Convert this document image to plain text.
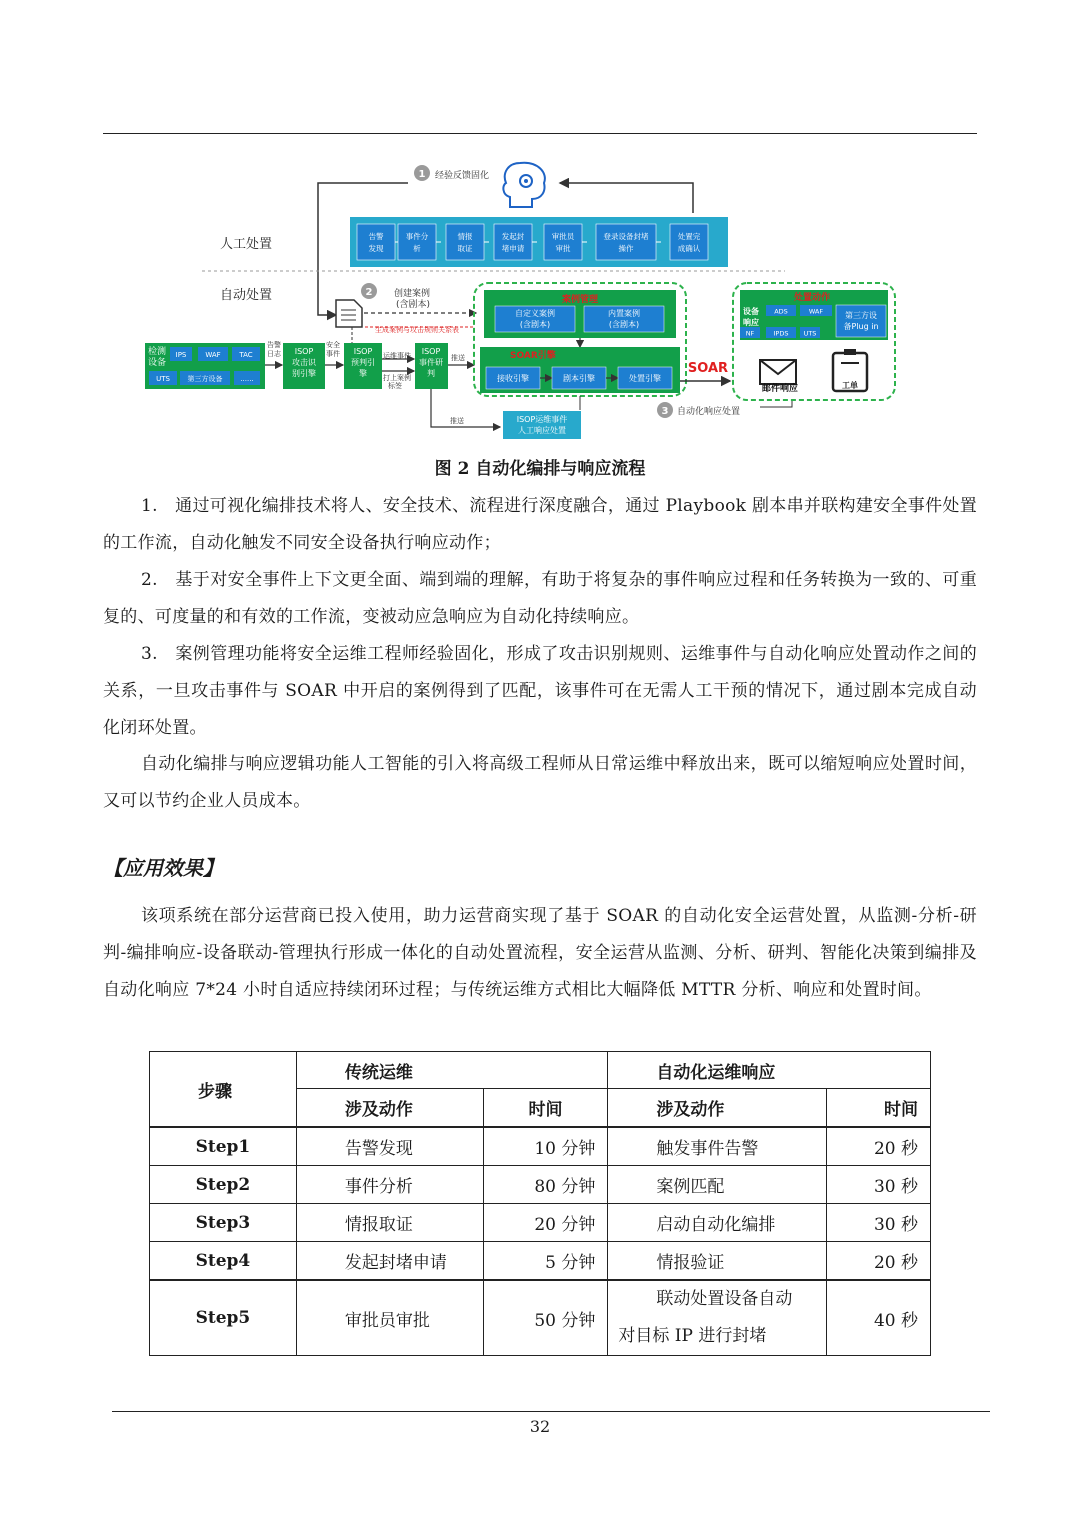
1 经验反馈固化
人工处置
自动处置
告警
发现
事件分
析
情报
取证
发起封
堵申请
审批员
审批
登录设备封堵
操作
处置完
成确认
2 创建案例
(含剧本)
生成案例与攻击规则关系表
检测
设备
IPS	WAF	TAC
UTS	第三方设备	......
告警
日志 ISOP
攻击识
别引擎
安全
事件 ISOP
预判引
擎
运维事件
打上案例
标签
ISOP
事件研
判
推送
推送	ISOP运维事件
人工响应处置
案例管理
自定义案例
(含剧本)
内置案例
(含剧本)
SOAR引擎
接收引擎	剧本引擎	处置引擎
SOAR
3 自动化响应处置
处置动作
设备
响应
ADS	WAF
NF	IPDS UTS
第三方设
备Plug in
邮件响应	工单
图 2 自动化编排与响应流程

1.　通过可视化编排技术将人、安全技术、流程进行深度融合，通过 Playbook 剧本串并联构建安全事件处置的工作流，自动化触发不同安全设备执行响应动作；

2.　基于对安全事件上下文更全面、端到端的理解，有助于将复杂的事件响应过程和任务转换为一致的、可重复的、可度量的和有效的工作流，变被动应急响应为自动化持续响应。

3.　案例管理功能将安全运维工程师经验固化，形成了攻击识别规则、运维事件与自动化响应处置动作之间的关系，一旦攻击事件与 SOAR 中开启的案例得到了匹配，该事件可在无需人工干预的情况下，通过剧本完成自动化闭环处置。

自动化编排与响应逻辑功能人工智能的引入将高级工程师从日常运维中释放出来，既可以缩短响应处置时间，又可以节约企业人员成本。

【应用效果】

该项系统在部分运营商已投入使用，助力运营商实现了基于 SOAR 的自动化安全运营处置，从监测-分析-研判-编排响应-设备联动-管理执行形成一体化的自动处置流程，安全运营从监测、分析、研判、智能化决策到编排及自动化响应 7*24 小时自适应持续闭环过程；与传统运维方式相比大幅降低 MTTR 分析、响应和处置时间。

步骤	传统运维		自动化运维响应	
	涉及动作	时间	涉及动作	时间
Step1	告警发现	10 分钟	触发事件告警	20 秒
Step2	事件分析	80 分钟	案例匹配	30 秒
Step3	情报取证	20 分钟	启动自动化编排	30 秒
Step4	发起封堵申请	5 分钟	情报验证	20 秒
Step5	审批员审批	50 分钟	联动处置设备自动
对目标 IP 进行封堵	40 秒
32
